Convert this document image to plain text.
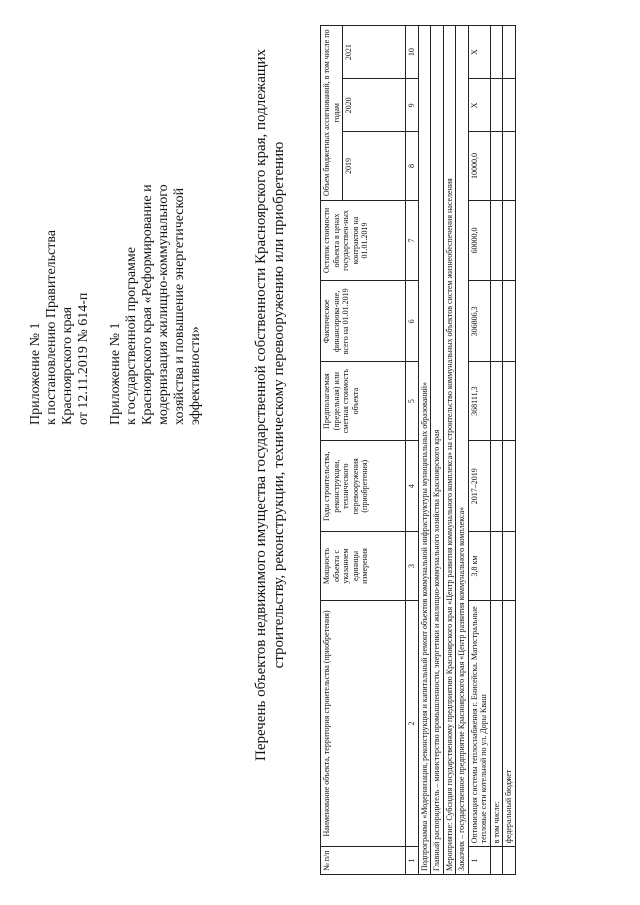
Приложение № 1 к постановлению Правительства Красноярского края от 12.11.2019 № 614-п Приложение № 1 к государственной программе Красноярского края «Реформирование и модернизация жилищно-коммунального хозяйства и повышение энергетической эффективности»	Перечень объектов недвижимого имущества государственной собственности Красноярского края, подлежащих строительству, реконструкции, техническому перевооружению или приобретению

№ п/п	Наименование объекта, территория строительства (приобретения)	Мощность объекта с указанием единицы измерения	Годы строительства, реконструкции, технического перевооружения (приобретения)	Предполагаемая (предельная) или сметная стоимость объекта	Фактическое финансирова-ние, всего на 01.01.2019	Остаток стоимости объекта в ценах государствен-ных контрактов на 01.01.2019	Объем бюджетных ассигнований, в том числе по годам		
							2019	2020	2021
1	2	3	4	5	6	7	8	9	10
Подпрограмма «Модернизация, реконструкция и капитальный ремонт объектов коммунальной инфраструктуры муниципальных образований»									
Главный распорядитель – министерство промышленности, энергетики и жилищно-коммунального хозяйства Красноярского края									
Мероприятие: Субсидия государственному предприятию Красноярского края «Центр развития коммунального комплекса» на строительство коммунальных объектов систем жизнеобеспечения населения									
Заказчик – государственное предприятие Красноярского края «Центр развития коммунального комплекса»									
1	Оптимизация системы теплоснабжения г. Енисейска. Магистральные тепловые сети котельной по ул. Доры Кваш	3,8 км	2017–2019	368111,3	306806,3	60000,0	10000,0	Х	Х
	в том числе:								
	федеральный бюджет								
